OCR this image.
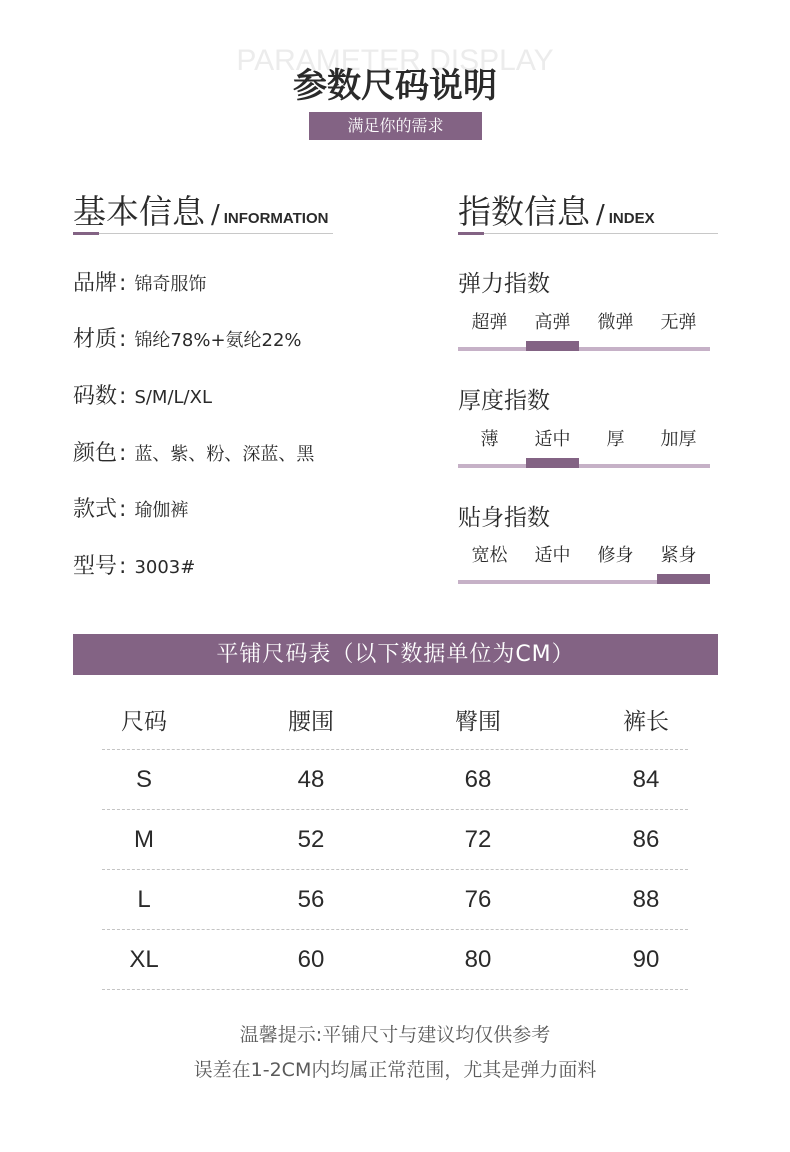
PARAMETER DISPLAY
参数尺码说明
满足你的需求
基本信息 / INFORMATION
品牌 : 锦奇服饰
材质 : 锦纶78%+氨纶22%
码数 : S/M/L/XL
颜色 : 蓝、紫、粉、深蓝、黑
款式 : 瑜伽裤
型号 : 3003#
指数信息 / INDEX
弹力指数
超弹	高弹	微弹	无弹
厚度指数
薄	适中	厚	加厚
贴身指数
宽松	适中	修身	紧身
平铺尺码表（以下数据单位为CM）
尺码	腰围	臀围	裤长
S	48	68	84
M	52	72	86
L	56	76	88
XL	60	80	90
温馨提示:平铺尺寸与建议均仅供参考
误差在1-2CM内均属正常范围，尤其是弹力面料
